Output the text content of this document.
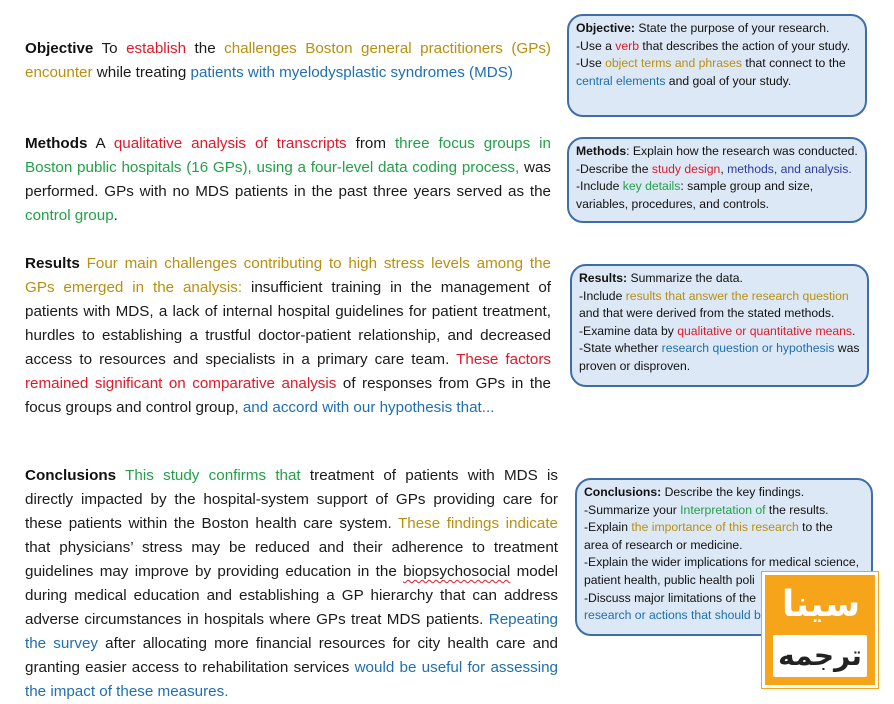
Objective To establish the challenges Boston general practitioners (GPs) encounter while treating patients with myelodysplastic syndromes (MDS)
Methods A qualitative analysis of transcripts from three focus groups in Boston public hospitals (16 GPs), using a four-level data coding process, was performed. GPs with no MDS patients in the past three years served as the control group.
Results Four main challenges contributing to high stress levels among the GPs emerged in the analysis: insufficient training in the management of patients with MDS, a lack of internal hospital guidelines for patient treatment, hurdles to establishing a trustful doctor-patient relationship, and decreased access to resources and specialists in a primary care team. These factors remained significant on comparative analysis of responses from GPs in the focus groups and control group, and accord with our hypothesis that...
Conclusions This study confirms that treatment of patients with MDS is directly impacted by the hospital-system support of GPs providing care for these patients within the Boston health care system. These findings indicate that physicians’ stress may be reduced and their adherence to treatment guidelines may improve by providing education in the biopsychosocial model during medical education and establishing a GP hierarchy that can address adverse circumstances in hospitals where GPs treat MDS patients. Repeating the survey after allocating more financial resources for city health care and granting easier access to rehabilitation services would be useful for assessing the impact of these measures.
Objective: State the purpose of your research.
-Use a verb that describes the action of your study.
-Use object terms and phrases that connect to the
central elements and goal of your study.
Methods: Explain how the research was conducted.
-Describe the study design, methods, and analysis.
-Include key details: sample group and size,
variables, procedures, and controls.
Results: Summarize the data.
-Include results that answer the research question
and that were derived from the stated methods.
-Examine data by qualitative or quantitative means.
-State whether research question or hypothesis was
proven or disproven.
Conclusions: Describe the key findings.
-Summarize your Interpretation of the results.
-Explain the importance of this research to the
area of research or medicine.
-Explain the wider implications for medical science,
patient health, public health poli
-Discuss major limitations of the
research or actions that should b سينا
ترجمه
